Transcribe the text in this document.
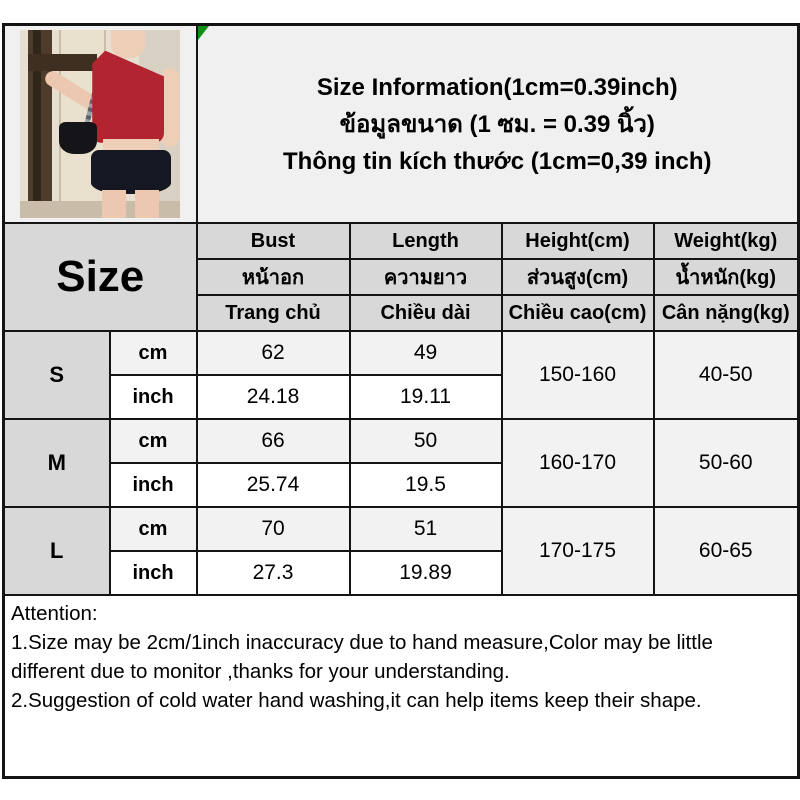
		Size Information(1cm=0.39inch)
ข้อมูลขนาด (1 ซม. = 0.39 นิ้ว)
Thông tin kích thước (1cm=0,39 inch)			

Size		Bust	Length	Height(cm)	Weight(kg)
		หน้าอก	ความยาว	ส่วนสูง(cm)	น้ำหนัก(kg)
		Trang chủ	Chiều dài	Chiều cao(cm)	Cân nặng(kg)
S	cm	62	49	150-160	40-50
	inch	24.18	19.11		
M	cm	66	50	160-170	50-60
	inch	25.74	19.5		
L	cm	70	51	170-175	60-65
	inch	27.3	19.89		

Attention:
1.Size may be 2cm/1inch inaccuracy due to hand measure,Color may be little different due to monitor ,thanks for your understanding.
2.Suggestion of cold water hand washing,it can help items keep their shape.					
